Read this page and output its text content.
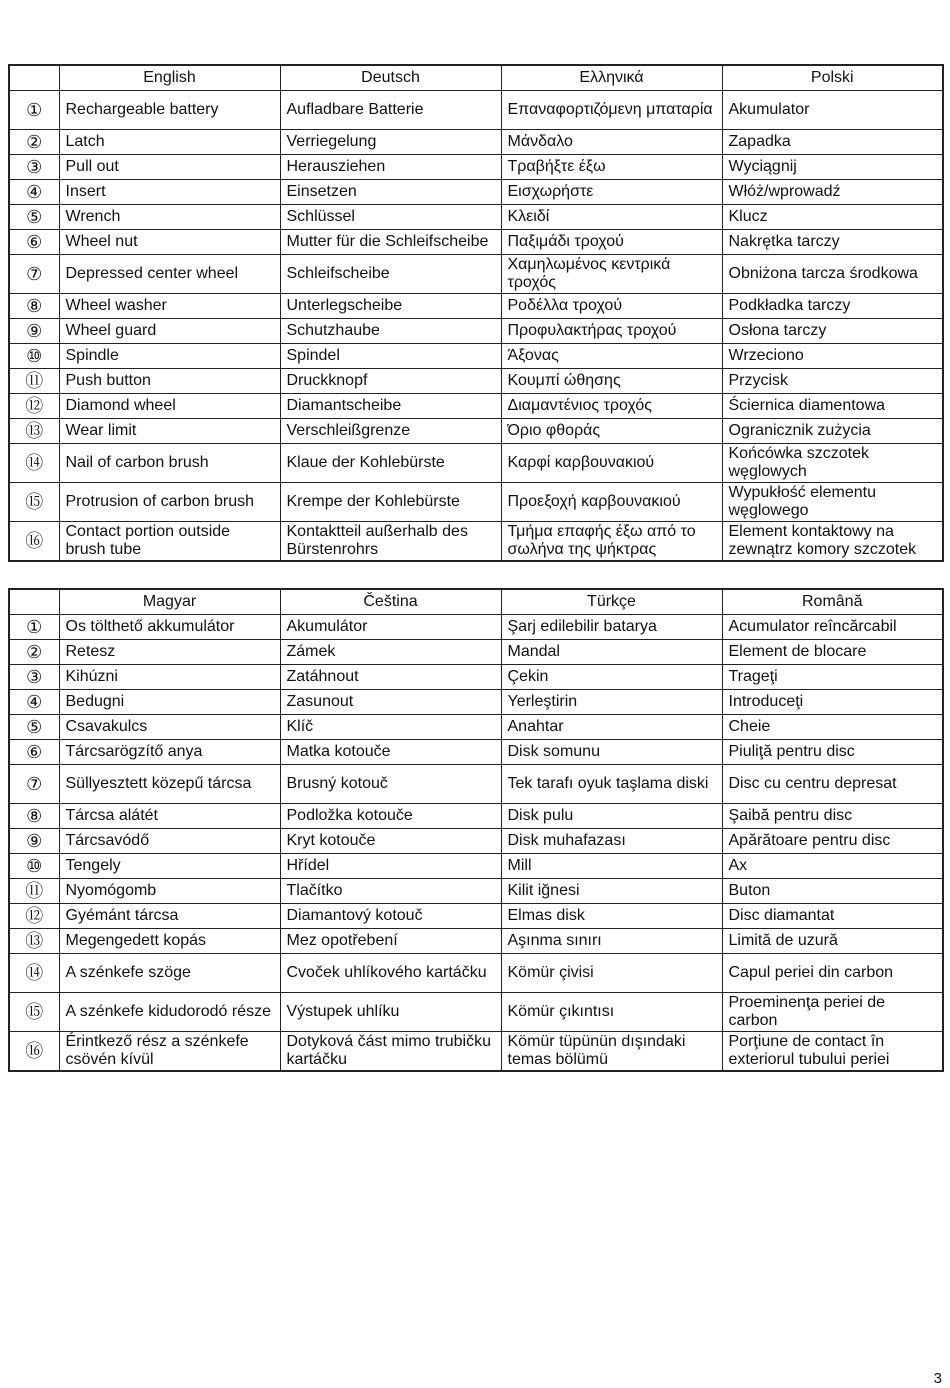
	English	Deutsch	Ελληνικά	Polski
①	Rechargeable battery	Aufladbare Batterie	Επαναφορτιζόμενη μπαταρία	Akumulator
②	Latch	Verriegelung	Μάνδαλο	Zapadka
③	Pull out	Herausziehen	Τραβήξτε έξω	Wyciągnij
④	Insert	Einsetzen	Εισχωρήστε	Włóż/wprowadź
⑤	Wrench	Schlüssel	Κλειδί	Klucz
⑥	Wheel nut	Mutter für die Schleifscheibe	Παξιμάδι τροχού	Nakrętka tarczy
⑦	Depressed center wheel	Schleifscheibe	Χαμηλωμένος κεντρικά τροχός	Obniżona tarcza środkowa
⑧	Wheel washer	Unterlegscheibe	Ροδέλλα τροχού	Podkładka tarczy
⑨	Wheel guard	Schutzhaube	Προφυλακτήρας τροχού	Osłona tarczy
⑩	Spindle	Spindel	Άξονας	Wrzeciono
⑪	Push button	Druckknopf	Κουμπί ώθησης	Przycisk
⑫	Diamond wheel	Diamantscheibe	Διαμαντένιος τροχός	Ściernica diamentowa
⑬	Wear limit	Verschleißgrenze	Όριο φθοράς	Ogranicznik zużycia
⑭	Nail of carbon brush	Klaue der Kohlebürste	Καρφί καρβουνακιού	Końcówka szczotek węglowych
⑮	Protrusion of carbon brush	Krempe der Kohlebürste	Προεξοχή καρβουνακιού	Wypukłość elementu węglowego
⑯	Contact portion outside brush tube	Kontaktteil außerhalb des Bürstenrohrs	Τμήμα επαφής έξω από το σωλήνα της ψήκτρας	Element kontaktowy na zewnątrz komory szczotek
	Magyar	Čeština	Türkçe	Română
①	Os tölthető akkumulátor	Akumulátor	Şarj edilebilir batarya	Acumulator reîncărcabil
②	Retesz	Zámek	Mandal	Element de blocare
③	Kihúzni	Zatáhnout	Çekin	Trageţi
④	Bedugni	Zasunout	Yerleştirin	Introduceţi
⑤	Csavakulcs	Klíč	Anahtar	Cheie
⑥	Tárcsarögzítő anya	Matka kotouče	Disk somunu	Piuliţă pentru disc
⑦	Süllyesztett közepű tárcsa	Brusný kotouč	Tek tarafı oyuk taşlama diski	Disc cu centru depresat
⑧	Tárcsa alátét	Podložka kotouče	Disk pulu	Şaibă pentru disc
⑨	Tárcsavódő	Kryt kotouče	Disk muhafazası	Apărătoare pentru disc
⑩	Tengely	Hřídel	Mill	Ax
⑪	Nyomógomb	Tlačítko	Kilit iğnesi	Buton
⑫	Gyémánt tárcsa	Diamantový kotouč	Elmas disk	Disc diamantat
⑬	Megengedett kopás	Mez opotřebení	Aşınma sınırı	Limită de uzură
⑭	A szénkefe szöge	Cvoček uhlíkového kartáčku	Kömür çivisi	Capul periei din carbon
⑮	A szénkefe kidudorodó része	Výstupek uhlíku	Kömür çıkıntısı	Proeminenţa periei de carbon
⑯	Érintkező rész a szénkefe csövén kívül	Dotyková část mimo trubičku kartáčku	Kömür tüpünün dışındaki temas bölümü	Porţiune de contact în exteriorul tubului periei
3
